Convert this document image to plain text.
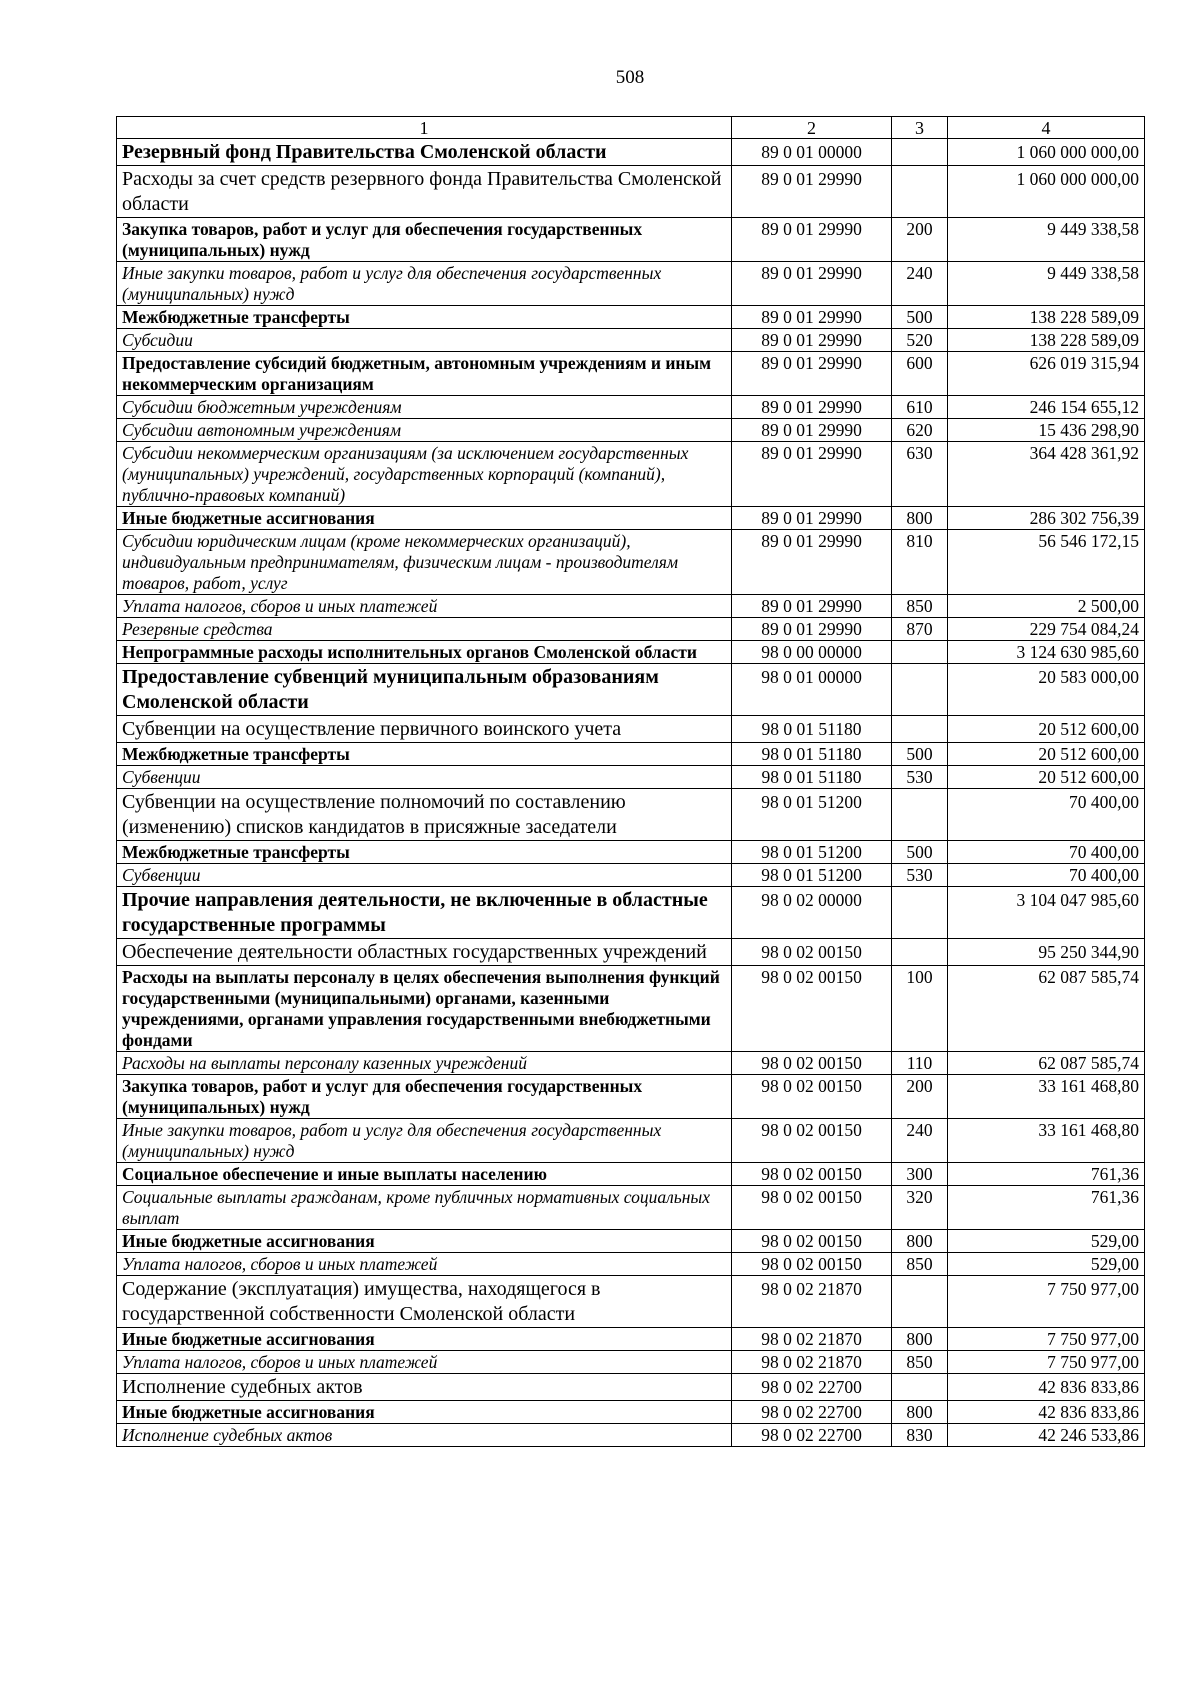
508
1	2	3	4
Резервный фонд Правительства Смоленской области	89 0 01 00000		1 060 000 000,00
Расходы за счет средств резервного фонда Правительства Смоленской области	89 0 01 29990		1 060 000 000,00
Закупка товаров, работ и услуг для обеспечения государственных (муниципальных) нужд	89 0 01 29990	200	9 449 338,58
Иные закупки товаров, работ и услуг для обеспечения государственных (муниципальных) нужд	89 0 01 29990	240	9 449 338,58
Межбюджетные трансферты	89 0 01 29990	500	138 228 589,09
Субсидии	89 0 01 29990	520	138 228 589,09
Предоставление субсидий бюджетным, автономным учреждениям и иным некоммерческим организациям	89 0 01 29990	600	626 019 315,94
Субсидии бюджетным учреждениям	89 0 01 29990	610	246 154 655,12
Субсидии автономным учреждениям	89 0 01 29990	620	15 436 298,90
Субсидии некоммерческим организациям (за исключением государственных (муниципальных) учреждений, государственных корпораций (компаний), публично-правовых компаний)	89 0 01 29990	630	364 428 361,92
Иные бюджетные ассигнования	89 0 01 29990	800	286 302 756,39
Субсидии юридическим лицам (кроме некоммерческих организаций), индивидуальным предпринимателям, физическим лицам - производителям товаров, работ, услуг	89 0 01 29990	810	56 546 172,15
Уплата налогов, сборов и иных платежей	89 0 01 29990	850	2 500,00
Резервные средства	89 0 01 29990	870	229 754 084,24
Непрограммные расходы исполнительных органов Смоленской области	98 0 00 00000		3 124 630 985,60
Предоставление субвенций муниципальным образованиям Смоленской области	98 0 01 00000		20 583 000,00
Субвенции на осуществление первичного воинского учета	98 0 01 51180		20 512 600,00
Межбюджетные трансферты	98 0 01 51180	500	20 512 600,00
Субвенции	98 0 01 51180	530	20 512 600,00
Субвенции на осуществление полномочий по составлению (изменению) списков кандидатов в присяжные заседатели	98 0 01 51200		70 400,00
Межбюджетные трансферты	98 0 01 51200	500	70 400,00
Субвенции	98 0 01 51200	530	70 400,00
Прочие направления деятельности, не включенные в областные государственные программы	98 0 02 00000		3 104 047 985,60
Обеспечение деятельности областных государственных учреждений	98 0 02 00150		95 250 344,90
Расходы на выплаты персоналу в целях обеспечения выполнения функций государственными (муниципальными) органами, казенными учреждениями, органами управления государственными внебюджетными фондами	98 0 02 00150	100	62 087 585,74
Расходы на выплаты персоналу казенных учреждений	98 0 02 00150	110	62 087 585,74
Закупка товаров, работ и услуг для обеспечения государственных (муниципальных) нужд	98 0 02 00150	200	33 161 468,80
Иные закупки товаров, работ и услуг для обеспечения государственных (муниципальных) нужд	98 0 02 00150	240	33 161 468,80
Социальное обеспечение и иные выплаты населению	98 0 02 00150	300	761,36
Социальные выплаты гражданам, кроме публичных нормативных социальных выплат	98 0 02 00150	320	761,36
Иные бюджетные ассигнования	98 0 02 00150	800	529,00
Уплата налогов, сборов и иных платежей	98 0 02 00150	850	529,00
Содержание (эксплуатация) имущества, находящегося в государственной собственности Смоленской области	98 0 02 21870		7 750 977,00
Иные бюджетные ассигнования	98 0 02 21870	800	7 750 977,00
Уплата налогов, сборов и иных платежей	98 0 02 21870	850	7 750 977,00
Исполнение судебных актов	98 0 02 22700		42 836 833,86
Иные бюджетные ассигнования	98 0 02 22700	800	42 836 833,86
Исполнение судебных актов	98 0 02 22700	830	42 246 533,86
